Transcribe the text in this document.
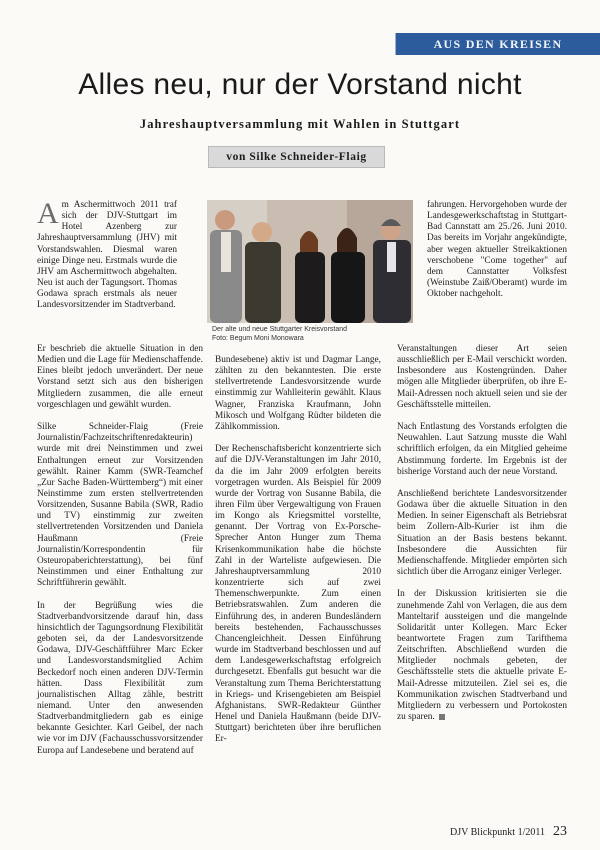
AUS DEN KREISEN
Alles neu, nur der Vorstand nicht
Jahreshauptversammlung mit Wahlen in Stuttgart
von Silke Schneider-Flaig

Am Aschermittwoch 2011 traf sich der DJV-Stuttgart im Hotel Azenberg zur Jahreshauptversammlung (JHV) mit Vorstandswahlen. Diesmal waren einige Dinge neu. Erstmals wurde die JHV am Aschermittwoch abgehalten. Neu ist auch der Tagungsort. Thomas Godawa sprach erstmals als neuer Landesvorsitzender im Stadtverband.

Der alte und neue Stuttgarter Kreisvorstand
Foto: Begum Moni Monowara

Er beschrieb die aktuelle Situation in den Medien und die Lage für Medienschaffende. Eines bleibt jedoch unverändert. Der neue Vorstand setzt sich aus den bisherigen Mitgliedern zusammen, die alle erneut vorgeschlagen und gewählt wurden.

Silke Schneider-Flaig (Freie Journalistin/Fachzeitschriftenredakteurin) wurde mit drei Neinstimmen und zwei Enthaltungen erneut zur Vorsitzenden gewählt. Rainer Kamm (SWR-Teamchef „Zur Sache Baden-Württemberg“) mit einer Neinstimme zum ersten stellvertretenden Vorsitzenden, Susanne Babila (SWR, Radio und TV) einstimmig zur zweiten stellvertretenden Vorsitzenden und Daniela Haußmann (Freie Journalistin/Korrespondentin für Osteuropaberichterstattung), bei fünf Neinstimmen und einer Enthaltung zur Schriftführerin gewählt.

In der Begrüßung wies die Stadtverbandvorsitzende darauf hin, dass hinsichtlich der Tagungsordnung Flexibilität geboten sei, da der Landesvorsitzende Godawa, DJV-Geschäftführer Marc Ecker und Landesvorstandsmitglied Achim Beckedorf noch einen anderen DJV-Termin hätten. Dass Flexibilität zum journalistischen Alltag zähle, bestritt niemand. Unter den anwesenden Stadtverbandmitgliedern gab es einige bekannte Gesichter. Karl Geibel, der nach wie vor im DJV (Fachausschussvorsitzender Europa auf Landesebene und beratend auf

Bundesebene) aktiv ist und Dagmar Lange, zählten zu den bekanntesten. Die erste stellvertretende Landesvorsitzende wurde einstimmig zur Wahlleiterin gewählt. Klaus Wagner, Franziska Kraufmann, John Mikosch und Wolfgang Rüdter bildeten die Zählkommission.

Der Rechenschaftsbericht konzentrierte sich auf die DJV-Veranstaltungen im Jahr 2010, da die im Jahr 2009 erfolgten bereits vorgetragen wurden. Als Beispiel für 2009 wurde der Vortrag von Susanne Babila, die ihren Film über Vergewaltigung von Frauen im Kongo als Kriegsmittel vorstellte, genannt. Der Vortrag von Ex-Porsche-Sprecher Anton Hunger zum Thema Krisenkommunikation habe die höchste Zahl in der Warteliste aufgewiesen. Die Jahreshauptversammlung 2010 konzentrierte sich auf zwei Themenschwerpunkte. Zum einen Betriebsratswahlen. Zum anderen die Einführung des, in anderen Bundesländern bereits bestehenden, Fachausschusses Chancengleichheit. Dessen Einführung wurde im Stadtverband beschlossen und auf dem Landesgewerkschaftstag erfolgreich durchgesetzt. Ebenfalls gut besucht war die Veranstaltung zum Thema Berichterstattung in Kriegs- und Krisengebieten am Beispiel Afghanistans. SWR-Redakteur Günther Henel und Daniela Haußmann (beide DJV-Stuttgart) berichteten über ihre beruflichen Er-

fahrungen. Hervorgehoben wurde der Landesgewerkschaftstag in Stuttgart-Bad Cannstatt am 25./26. Juni 2010. Das bereits im Vorjahr angekündigte, aber wegen aktueller Streikaktionen verschobene "Come together" auf dem Cannstatter Volksfest (Weinstube Zaiß/Oberamt) wurde im Oktober nachgeholt.

Veranstaltungen dieser Art seien ausschließlich per E-Mail verschickt worden. Insbesondere aus Kostengründen. Daher mögen alle Mitglieder überprüfen, ob ihre E-Mail-Adressen noch aktuell seien und sie der Geschäftsstelle mitteilen.

Nach Entlastung des Vorstands erfolgten die Neuwahlen. Laut Satzung musste die Wahl schriftlich erfolgen, da ein Mitglied geheime Abstimmung forderte. Im Ergebnis ist der bisherige Vorstand auch der neue Vorstand.

Anschließend berichtete Landesvorsitzender Godawa über die aktuelle Situation in den Medien. In seiner Eigenschaft als Betriebsrat beim Zollern-Alb-Kurier ist ihm die Situation an der Basis bestens bekannt. Insbesondere die Aussichten für Medienschaffende. Mitglieder empörten sich sichtlich über die Arroganz einiger Verleger.

In der Diskussion kritisierten sie die zunehmende Zahl von Verlagen, die aus dem Manteltarif aussteigen und die mangelnde Solidarität unter Kollegen. Marc Ecker beantwortete Fragen zum Tarifthema Zeitschriften. Abschließend wurden die Mitglieder nochmals gebeten, der Geschäftsstelle stets die aktuelle private E-Mail-Adresse mitzuteilen. Ziel sei es, die Kommunikation zwischen Stadtverband und Mitgliedern zu verbessern und Portokosten zu sparen.

DJV Blickpunkt 1/2011 23
